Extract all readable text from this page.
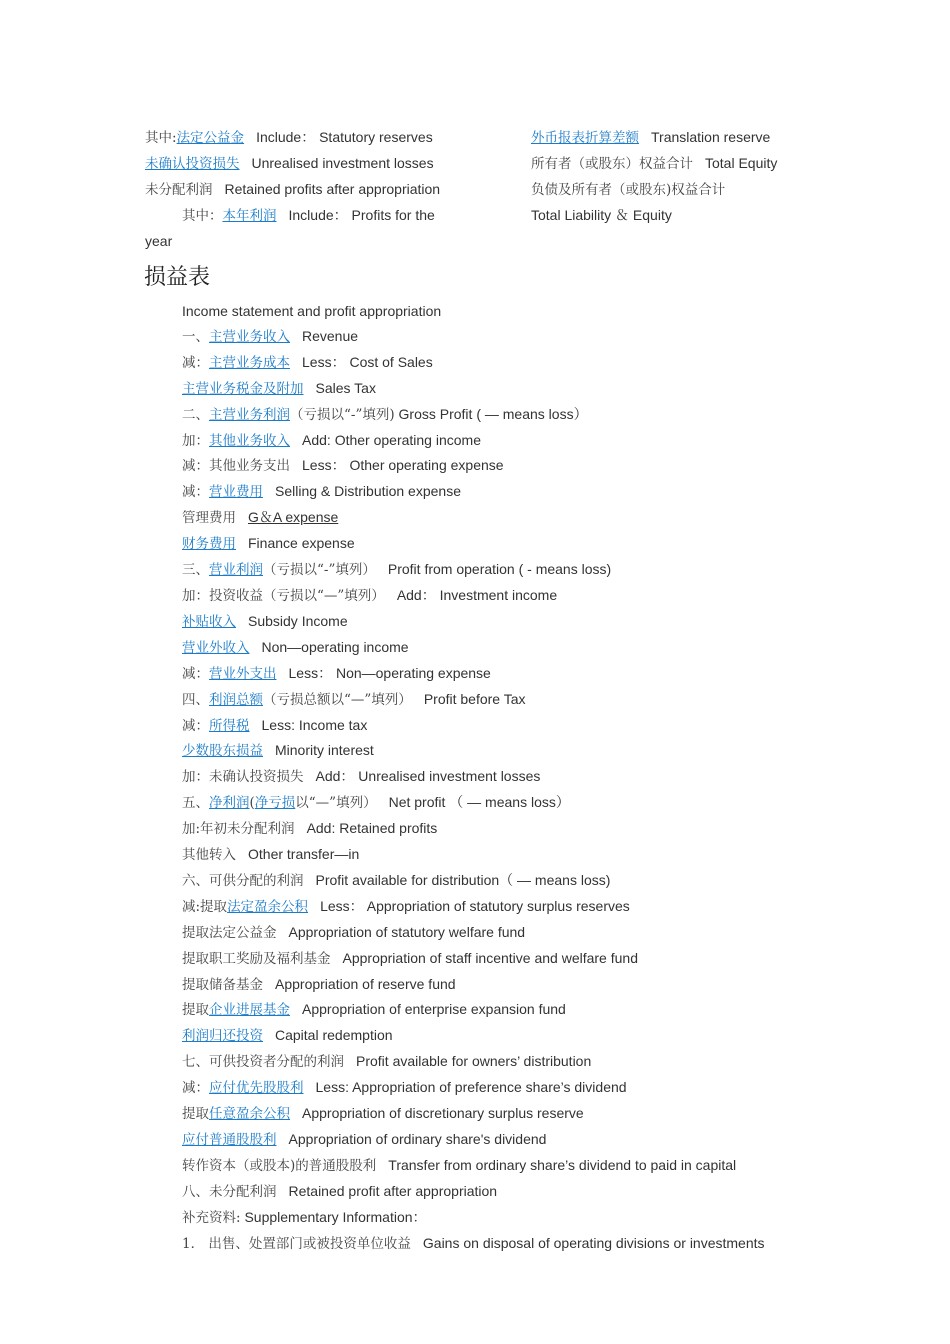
其中:法定公益金 Include： Statutory reserves
未确认投资损失 Unrealised investment losses
未分配利润 Retained profits after appropriation
其中：本年利润 Include： Profits for the
year
外币报表折算差额 Translation reserve
所有者（或股东）权益合计 Total Equity
负债及所有者（或股东)权益合计
Total Liability ＆ Equity
损益表
Income statement and profit appropriation
一、主营业务收入 Revenue
减：主营业务成本 Less： Cost of Sales
主营业务税金及附加 Sales Tax
二、主营业务利润（亏损以“-”填列) Gross Profit ( — means loss）
加：其他业务收入 Add: Other operating income
减：其他业务支出 Less： Other operating expense
减：营业费用 Selling & Distribution expense
管理费用 G＆A expense
财务费用 Finance expense
三、营业利润（亏损以“-”填列） Profit from operation ( - means loss)
加：投资收益（亏损以“—”填列） Add： Investment income
补贴收入 Subsidy Income
营业外收入 Non—operating income
减：营业外支出 Less： Non—operating expense
四、利润总额（亏损总额以“—”填列） Profit before Tax
减：所得税 Less: Income tax
少数股东损益 Minority interest
加：未确认投资损失 Add： Unrealised investment losses
五、净利润(净亏损以“—”填列） Net profit （ — means loss）
加:年初未分配利润 Add: Retained profits
其他转入 Other transfer—in
六、可供分配的利润 Profit available for distribution（ — means loss)
减:提取法定盈余公积 Less： Appropriation of statutory surplus reserves
提取法定公益金 Appropriation of statutory welfare fund
提取职工奖励及福利基金 Appropriation of staff incentive and welfare fund
提取储备基金 Appropriation of reserve fund
提取企业进展基金 Appropriation of enterprise expansion fund
利润归还投资 Capital redemption
七、可供投资者分配的利润 Profit available for owners’ distribution
减：应付优先股股利 Less: Appropriation of preference share’s dividend
提取任意盈余公积 Appropriation of discretionary surplus reserve
应付普通股股利 Appropriation of ordinary share's dividend
转作资本（或股本)的普通股股利 Transfer from ordinary share’s dividend to paid in capital
八、未分配利润 Retained profit after appropriation
补充资料: Supplementary Information：
1． 出售、处置部门或被投资单位收益 Gains on disposal of operating divisions or investments
